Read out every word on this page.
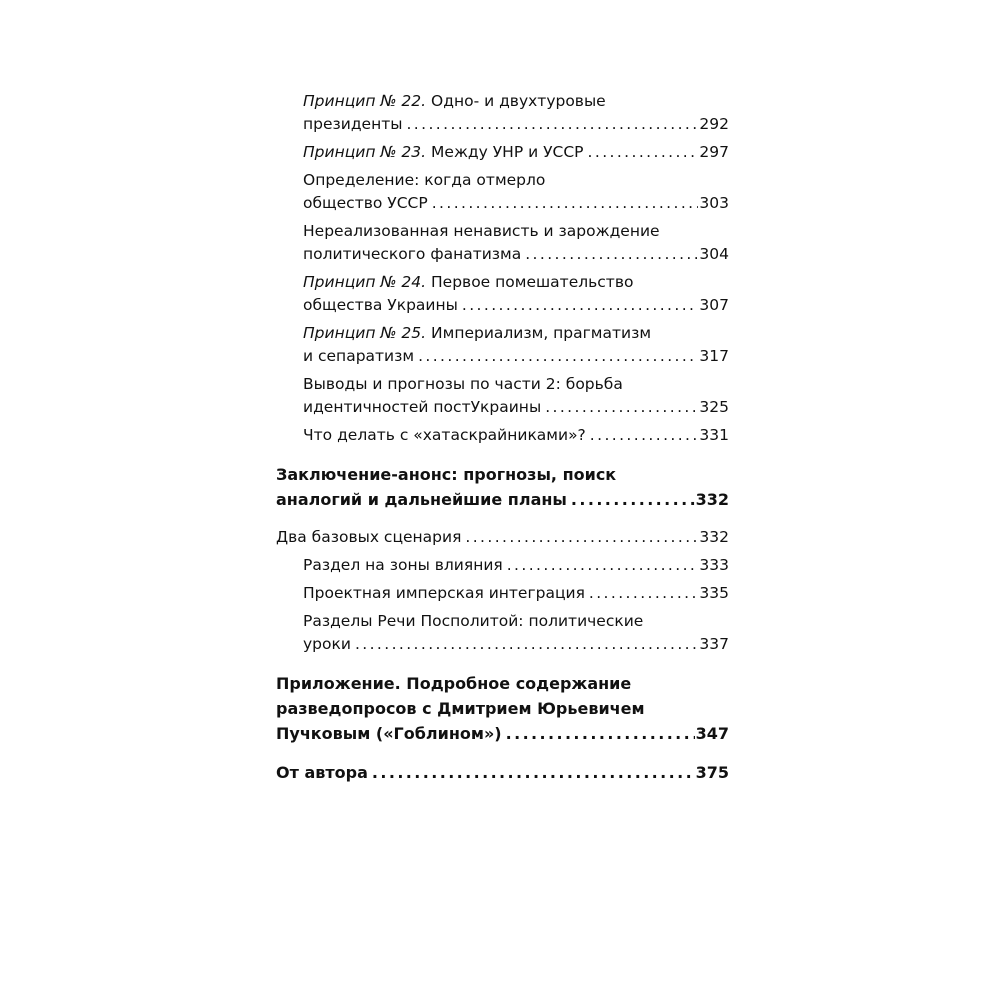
Принцип № 22. Одно- и двухтуровые
президенты .....	292
Принцип № 23. Между УНР и УССР .....	297
Определение: когда отмерло
общество УССР .....	303
Нереализованная ненависть и зарождение
политического фанатизма .....	304
Принцип № 24. Первое помешательство
общества Украины .....	307
Принцип № 25. Империализм, прагматизм
и сепаратизм .....	317
Выводы и прогнозы по части 2: борьба
идентичностей постУкраины .....	325
Что делать с «хатаскрайниками»? .....	331
Заключение-анонс: прогнозы, поиск
аналогий и дальнейшие планы .....	332
Два базовых сценария .....	332
Раздел на зоны влияния .....	333
Проектная имперская интеграция .....	335
Разделы Речи Посполитой: политические
уроки .....	337
Приложение. Подробное содержание
разведопросов с Дмитрием Юрьевичем
Пучковым («Гоблином») .....	347
От автора .....	375
